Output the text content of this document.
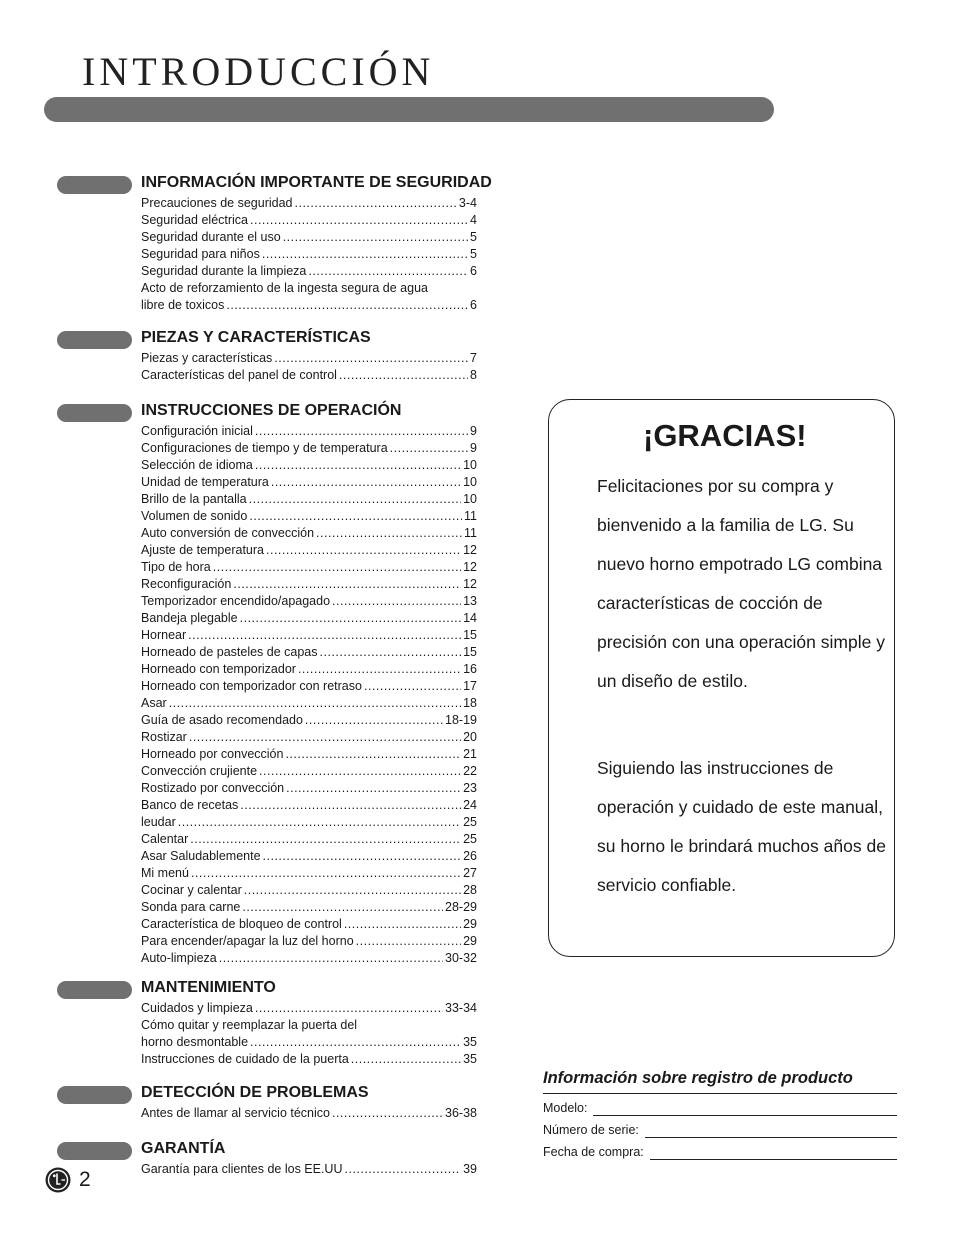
INTRODUCCIÓN
INFORMACIÓN IMPORTANTE DE SEGURIDAD
Precauciones de seguridad .....	3-4
Seguridad eléctrica .....	4
Seguridad durante el uso .....	5
Seguridad para niños .....	5
Seguridad durante la limpieza .....	6
Acto de reforzamiento de la ingesta segura de agua
libre de toxicos .....	6
PIEZAS Y CARACTERÍSTICAS
Piezas y características .....	7
Características del panel de control .....	8
INSTRUCCIONES DE OPERACIÓN
Configuración inicial .....	9
Configuraciones de tiempo y de temperatura .....	9
Selección de idioma .....	10
Unidad de temperatura .....	10
Brillo de la pantalla .....	10
Volumen de sonido .....	11
Auto conversión de convección .....	11
Ajuste de temperatura .....	12
Tipo de hora .....	12
Reconfiguración .....	12
Temporizador encendido/apagado .....	13
Bandeja plegable .....	14
Hornear .....	15
Horneado de pasteles de capas .....	15
Horneado con temporizador .....	16
Horneado con temporizador con retraso .....	17
Asar .....	18
Guía de asado recomendado .....	18-19
Rostizar .....	20
Horneado por convección .....	21
Convección crujiente .....	22
Rostizado por convección .....	23
Banco de recetas .....	24
leudar .....	25
Calentar .....	25
Asar Saludablemente .....	26
Mi menú .....	27
Cocinar y calentar .....	28
Sonda para carne .....	28-29
Característica de bloqueo de control .....	29
Para encender/apagar la luz del horno .....	29
Auto-limpieza .....	30-32
MANTENIMIENTO
Cuidados y limpieza .....	33-34
Cómo quitar y reemplazar la puerta del
horno desmontable .....	35
Instrucciones de cuidado de la puerta .....	35
DETECCIÓN DE PROBLEMAS
Antes de llamar al servicio técnico .....	36-38
GARANTÍA
Garantía para clientes de los EE.UU .....	39
¡GRACIAS!

Felicitaciones por su compra y bienvenido a la familia de LG. Su nuevo horno empotrado LG combina características de cocción de precisión con una operación simple y un diseño de estilo.

Siguiendo las instrucciones de operación y cuidado de este manual, su horno le brindará muchos años de servicio confiable.

Información sobre registro de producto
Modelo:
Número de serie:
Fecha de compra:
2
